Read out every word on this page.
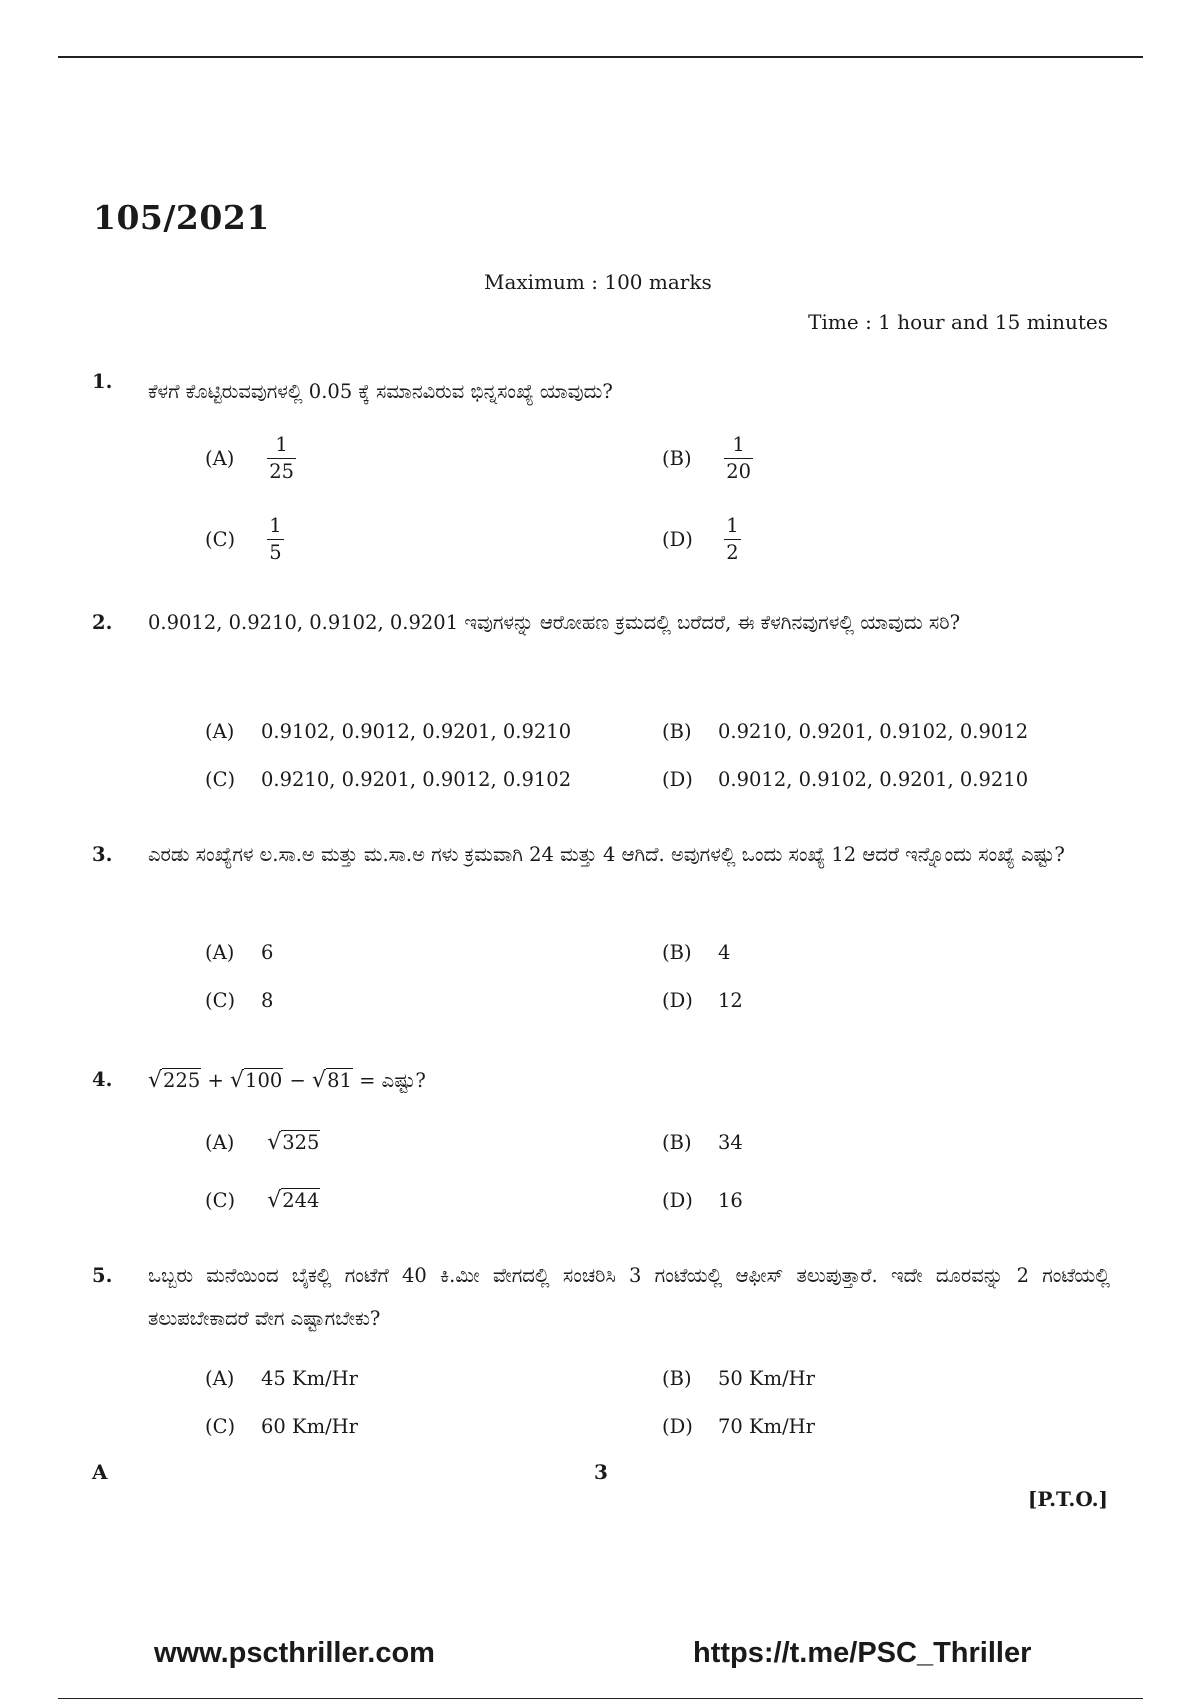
105/2021
Maximum : 100 marks
Time : 1 hour and 15 minutes
1. ಕೆಳಗೆ ಕೊಟ್ಟಿರುವವುಗಳಲ್ಲಿ 0.05 ಕ್ಕೆ ಸಮಾನವಿರುವ ಭಿನ್ನಸಂಖ್ಯೆ ಯಾವುದು?
$(A) \frac{1}{25}$	$(B) \frac{1}{20}$
$(C) \frac{1}{5}$	$(D) \frac{1}{2}$
2. 0.9012, 0.9210, 0.9102, 0.9201 ಇವುಗಳನ್ನು ಆರೋಹಣ ಕ್ರಮದಲ್ಲಿ ಬರೆದರೆ, ಈ ಕೆಳಗಿನವುಗಳಲ್ಲಿ ಯಾವುದು ಸರಿ?
(A) 0.9102, 0.9012, 0.9201, 0.9210	(B) 0.9210, 0.9201, 0.9102, 0.9012
(C) 0.9210, 0.9201, 0.9012, 0.9102	(D) 0.9012, 0.9102, 0.9201, 0.9210
3. ಎರಡು ಸಂಖ್ಯೆಗಳ ಲ.ಸಾ.ಅ ಮತ್ತು ಮ.ಸಾ.ಅ ಗಳು ಕ್ರಮವಾಗಿ 24 ಮತ್ತು 4 ಆಗಿದೆ. ಅವುಗಳಲ್ಲಿ ಒಂದು ಸಂಖ್ಯೆ 12 ಆದರೆ ಇನ್ನೊಂದು ಸಂಖ್ಯೆ ಎಷ್ಟು?
(A) 6	(B) 4
(C) 8	(D) 12
4. √225 + √100 − √81 = ಎಷ್ಟು?
(A) √325	(B) 34
(C) √244	(D) 16
5. ಒಬ್ಬರು ಮನೆಯಿಂದ ಬೈಕಲ್ಲಿ ಗಂಟೆಗೆ 40 ಕಿ.ಮೀ ವೇಗದಲ್ಲಿ ಸಂಚರಿಸಿ 3 ಗಂಟೆಯಲ್ಲಿ ಆಫೀಸ್ ತಲುಪುತ್ತಾರೆ. ಇದೇ ದೂರವನ್ನು 2 ಗಂಟೆಯಲ್ಲಿ ತಲುಪಬೇಕಾದರೆ ವೇಗ ಎಷ್ಟಾಗಬೇಕು?
(A) 45 Km/Hr	(B) 50 Km/Hr
(C) 60 Km/Hr	(D) 70 Km/Hr
A	3
[P.T.O.]
www.pscthriller.com	https://t.me/PSC_Thriller
